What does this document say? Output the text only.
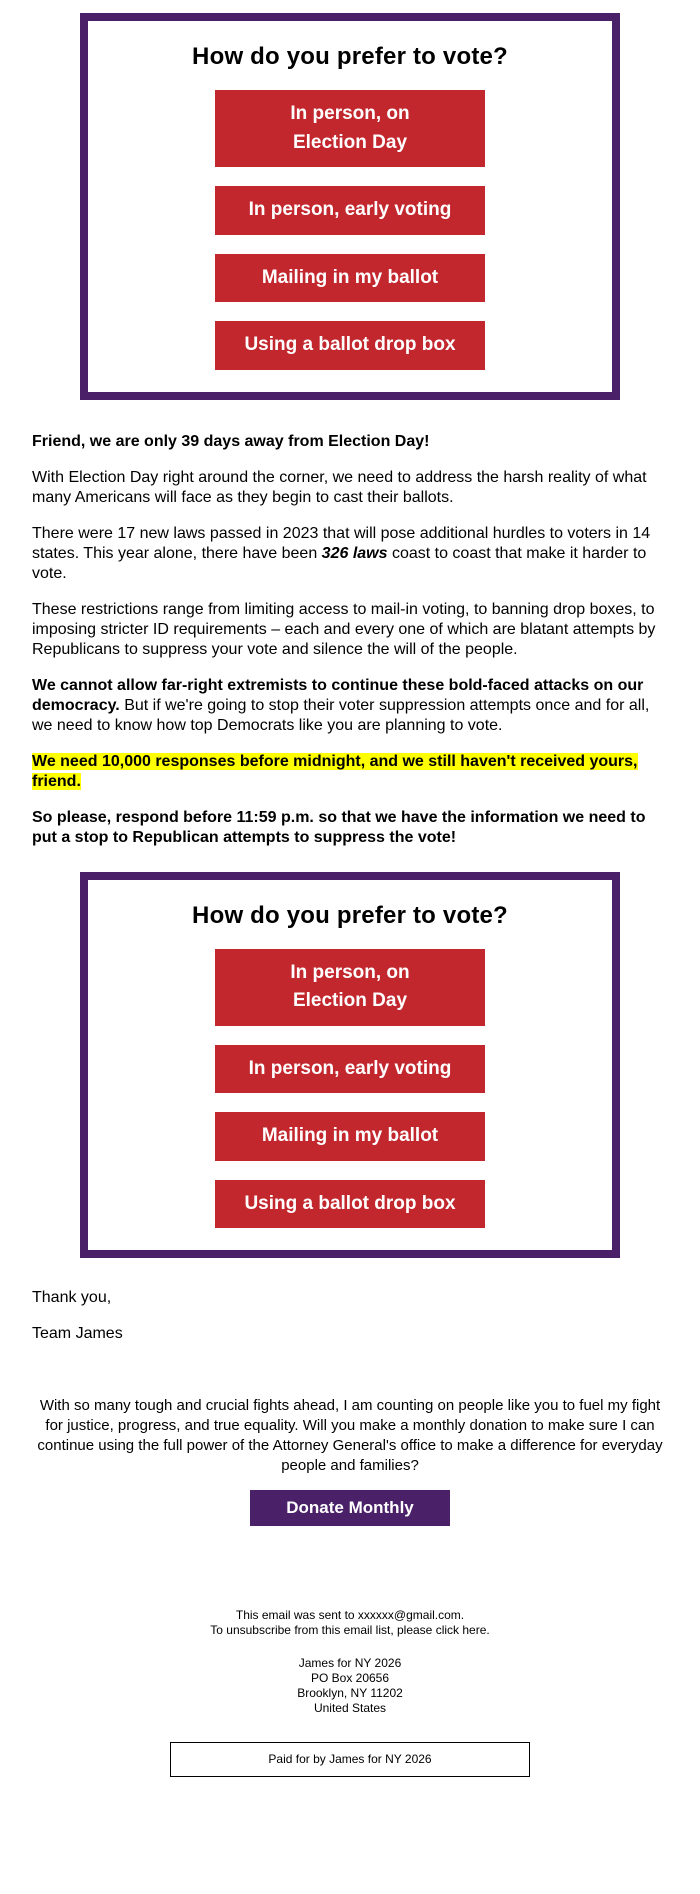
How do you prefer to vote?
In person, on
Election Day
In person, early voting
Mailing in my ballot
Using a ballot drop box

Friend, we are only 39 days away from Election Day!

With Election Day right around the corner, we need to address the harsh reality of what many Americans will face as they begin to cast their ballots.

There were 17 new laws passed in 2023 that will pose additional hurdles to voters in 14 states. This year alone, there have been 326 laws coast to coast that make it harder to vote.

These restrictions range from limiting access to mail-in voting, to banning drop boxes, to imposing stricter ID requirements – each and every one of which are blatant attempts by Republicans to suppress your vote and silence the will of the people.

We cannot allow far-right extremists to continue these bold-faced attacks on our democracy. But if we're going to stop their voter suppression attempts once and for all, we need to know how top Democrats like you are planning to vote.

We need 10,000 responses before midnight, and we still haven't received yours, friend.

So please, respond before 11:59 p.m. so that we have the information we need to put a stop to Republican attempts to suppress the vote!

How do you prefer to vote?
In person, on
Election Day
In person, early voting
Mailing in my ballot
Using a ballot drop box

Thank you,

Team James

With so many tough and crucial fights ahead, I am counting on people like you to fuel my fight for justice, progress, and true equality. Will you make a monthly donation to make sure I can continue using the full power of the Attorney General's office to make a difference for everyday people and families?
Donate Monthly

This email was sent to xxxxxx@gmail.com.

To unsubscribe from this email list, please click here.

James for NY 2026

PO Box 20656

Brooklyn, NY 11202

United States

Paid for by James for NY 2026
